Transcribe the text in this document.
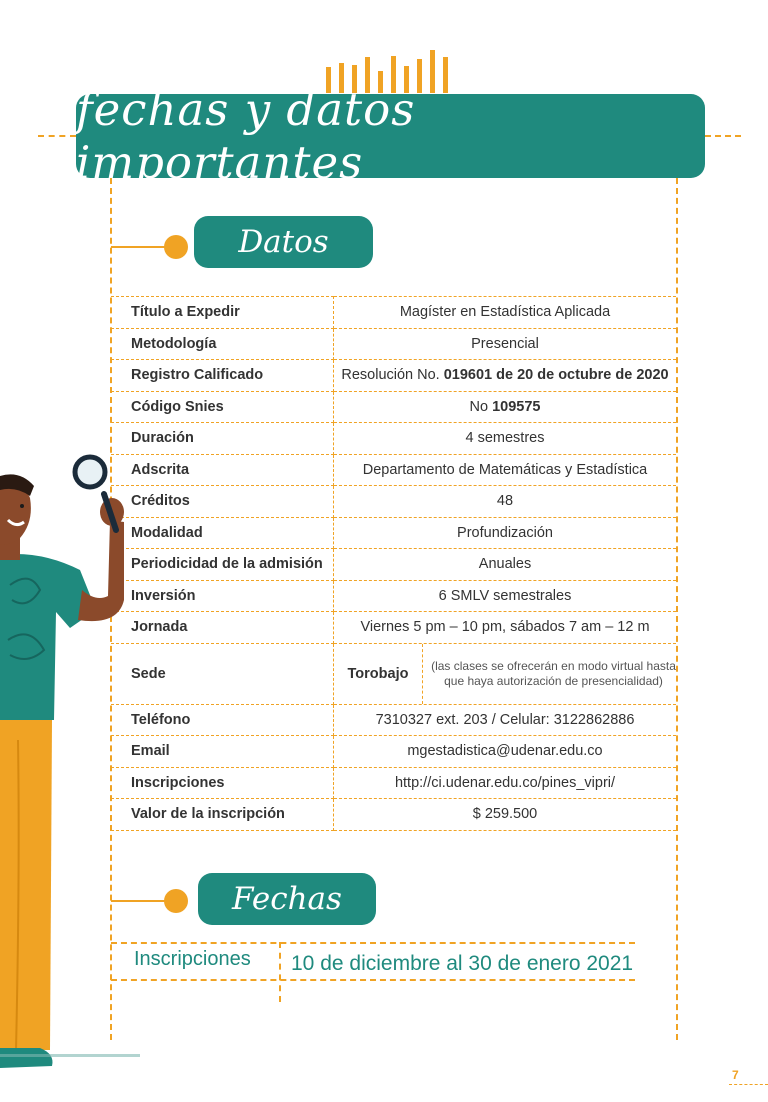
fechas y datos importantes
Datos
Título a Expedir	Magíster en Estadística Aplicada
Metodología	Presencial
Registro Calificado	Resolución No. 019601 de 20 de octubre de 2020
Código Snies	No 109575
Duración	4 semestres
Adscrita	Departamento de Matemáticas y Estadística
Créditos	48
Modalidad	Profundización
Periodicidad de la admisión	Anuales
Inversión	6 SMLV semestrales
Jornada	Viernes 5 pm – 10 pm, sábados 7 am – 12 m
Sede	Torobajo (las clases se ofrecerán en modo virtual hasta que haya autorización de presencialidad)

Teléfono	7310327 ext. 203 / Celular: 3122862886
Email	mgestadistica@udenar.edu.co
Inscripciones	http://ci.udenar.edu.co/pines_vipri/
Valor de la inscripción	$ 259.500
Fechas
Inscripciones 10 de diciembre al 30 de enero 2021
7
